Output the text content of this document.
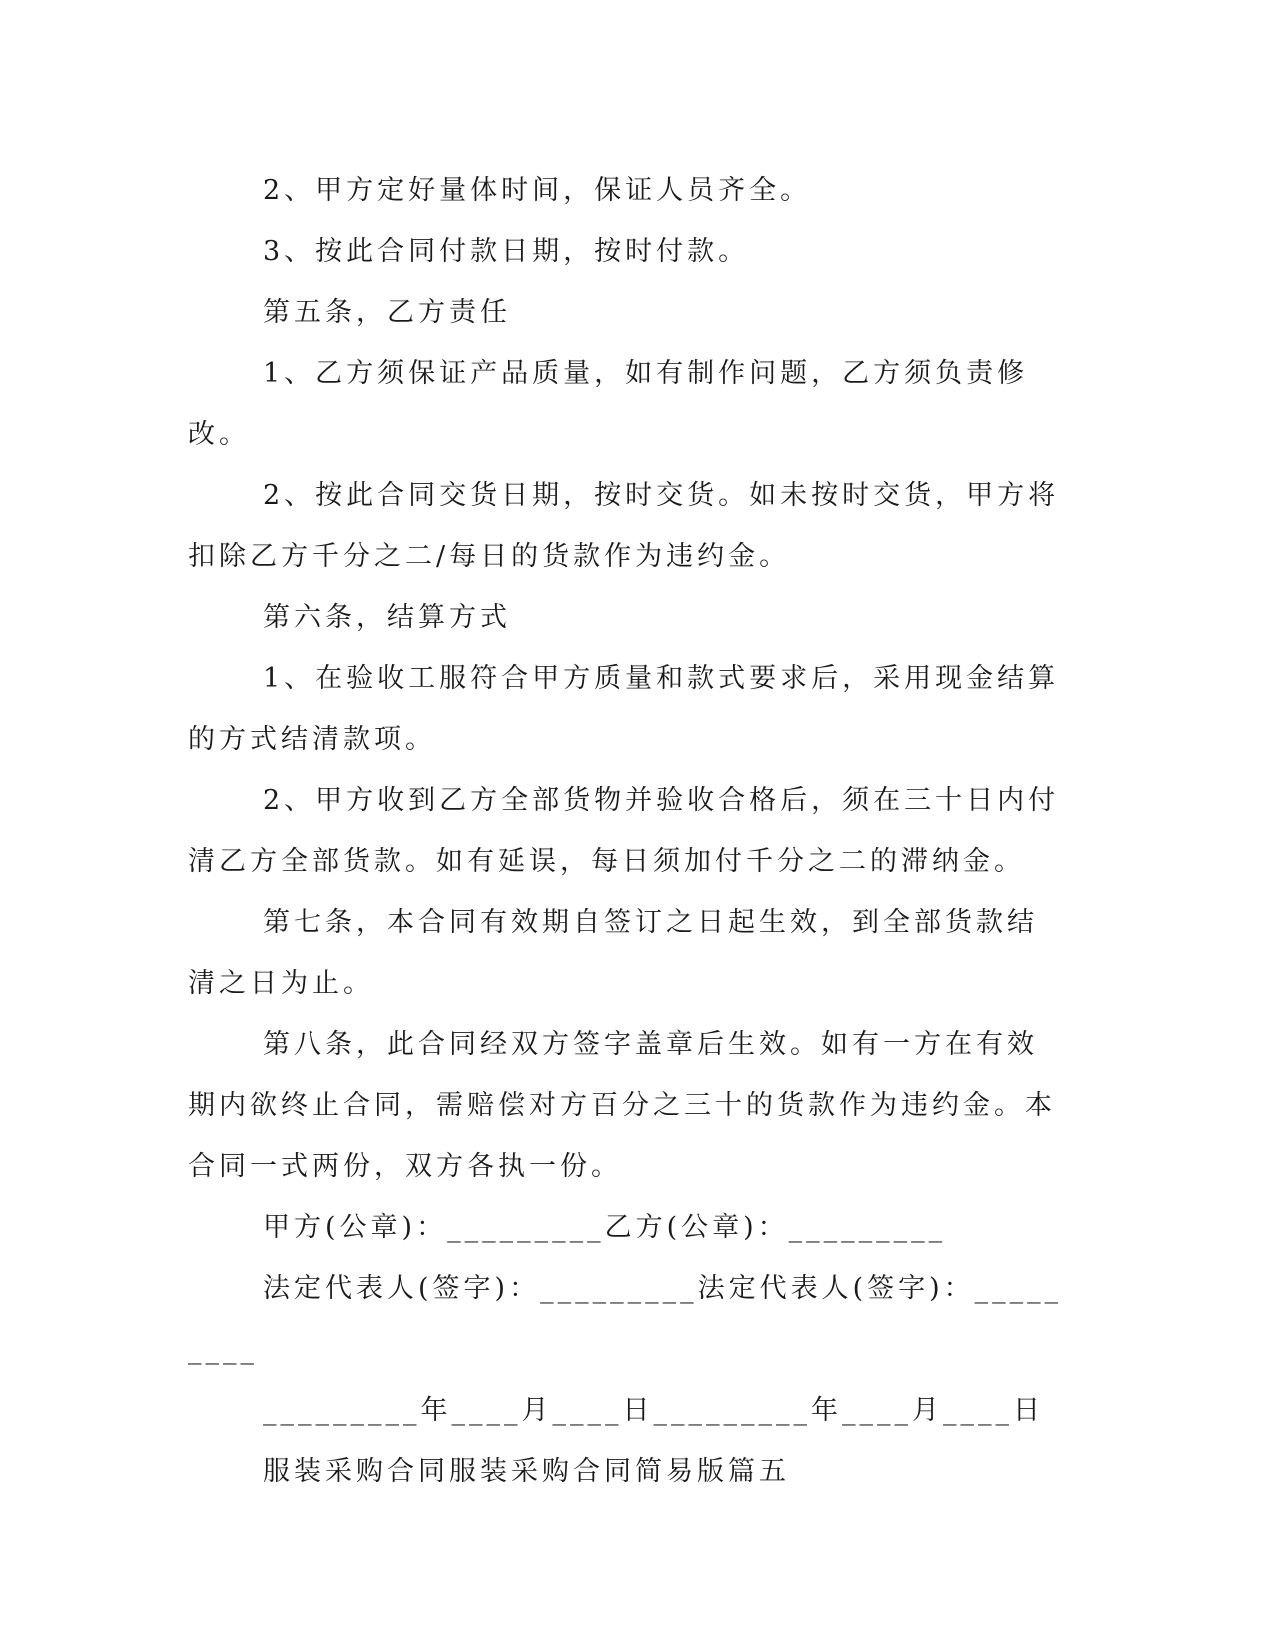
2、甲方定好量体时间，保证人员齐全。

3、按此合同付款日期，按时付款。

第五条，乙方责任

1、乙方须保证产品质量，如有制作问题，乙方须负责修改。

2、按此合同交货日期，按时交货。如未按时交货，甲方将扣除乙方千分之二/每日的货款作为违约金。

第六条，结算方式

1、在验收工服符合甲方质量和款式要求后，采用现金结算的方式结清款项。

2、甲方收到乙方全部货物并验收合格后，须在三十日内付清乙方全部货款。如有延误，每日须加付千分之二的滞纳金。

第七条，本合同有效期自签订之日起生效，到全部货款结清之日为止。

第八条，此合同经双方签字盖章后生效。如有一方在有效期内欲终止合同，需赔偿对方百分之三十的货款作为违约金。本合同一式两份，双方各执一份。

甲方(公章)：_________乙方(公章)：_________

法定代表人(签字)：_________法定代表人(签字)：_________

_________年____月____日_________年____月____日

服装采购合同服装采购合同简易版篇五
